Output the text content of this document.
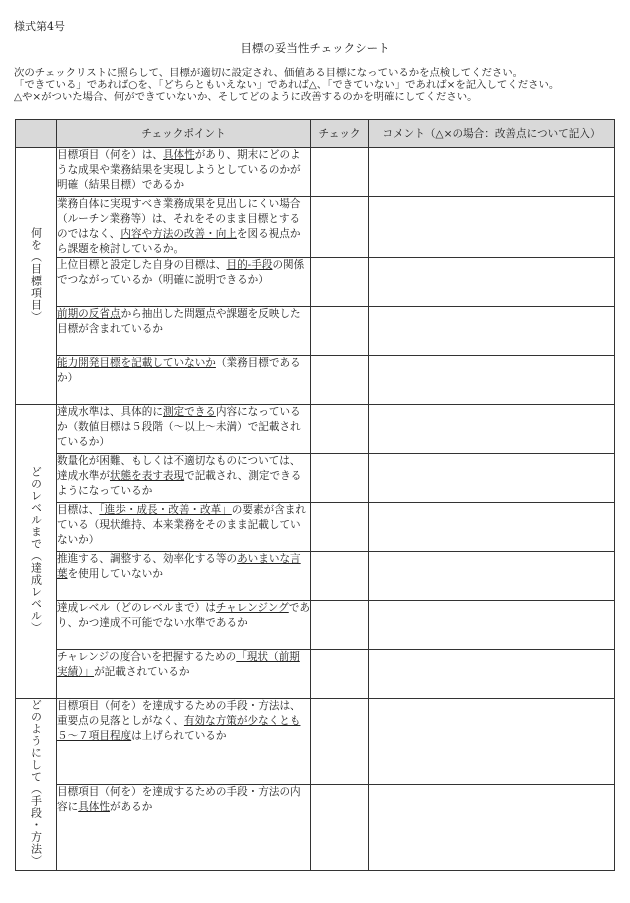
様式第4号
目標の妥当性チェックシート
次のチェックリストに照らして、目標が適切に設定され、価値ある目標になっているかを点検してください。
「できている」であれば○を、「どちらともいえない」であれば△、「できていない」であれば×を記入してください。
△や×がついた場合、何ができていないか、そしてどのように改善するのかを明確にしてください。
	チェックポイント	チェック	コメント（△×の場合：改善点について記入）
何を（目標項目）	目標項目（何を）は、具体性があり、期末にどのような成果や業務結果を実現しようとしているのかが明確（結果目標）であるか		
	業務自体に実現すべき業務成果を見出しにくい場合（ルーチン業務等）は、それをそのまま目標とするのではなく、内容や方法の改善・向上を図る視点から課題を検討しているか。		
	上位目標と設定した自身の目標は、目的-手段の関係でつながっているか（明確に説明できるか）		
	前期の反省点から抽出した問題点や課題を反映した目標が含まれているか		
	能力開発目標を記載していないか（業務目標であるか）		
どのレベルまで（達成レベル）	達成水準は、具体的に測定できる内容になっているか（数値目標は５段階（～以上～未満）で記載されているか）		
	数量化が困難、もしくは不適切なものについては、達成水準が状態を表す表現で記載され、測定できるようになっているか		
	目標は、「進歩・成長・改善・改革」の要素が含まれている（現状維持、本来業務をそのまま記載していないか）		
	推進する、調整する、効率化する等のあいまいな言葉を使用していないか		
	達成レベル（どのレベルまで）はチャレンジングであり、かつ達成不可能でない水準であるか		
	チャレンジの度合いを把握するための「現状（前期実績）」が記載されているか		
どのようにして（手段・方法）	目標項目（何を）を達成するための手段・方法は、重要点の見落としがなく、有効な方策が少なくとも５～７項目程度は上げられているか		
	目標項目（何を）を達成するための手段・方法の内容に具体性があるか		
